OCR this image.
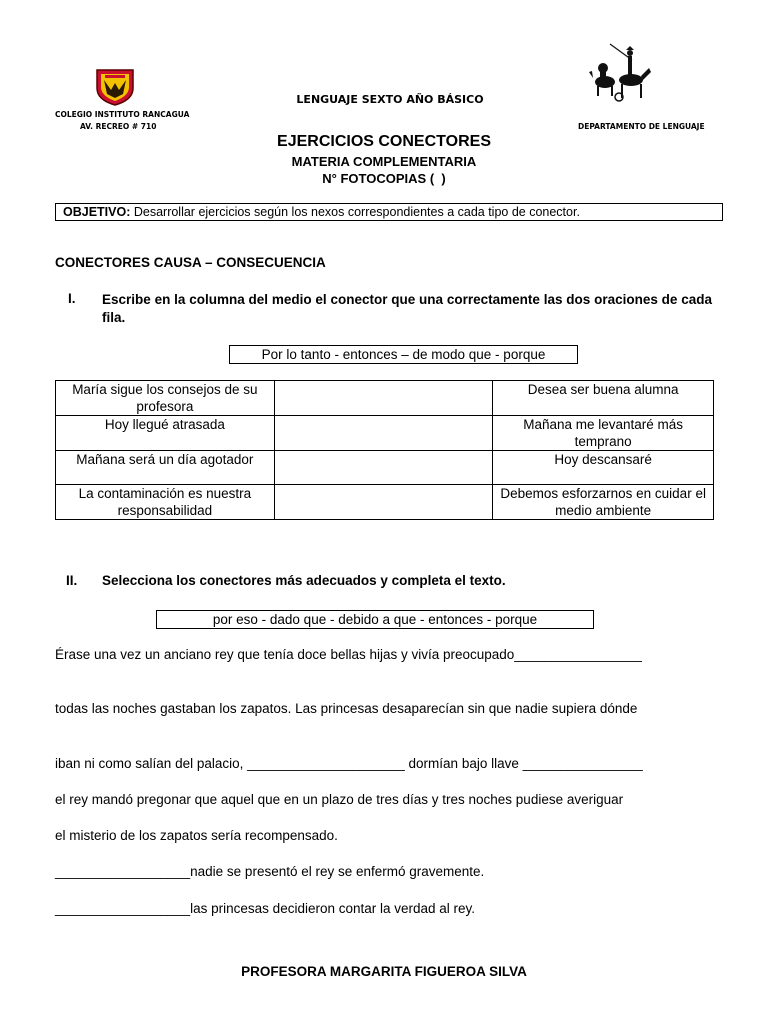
COLEGIO INSTITUTO RANCAGUA
AV. RECREO # 710
LENGUAJE SEXTO AÑO BÁSICO
DEPARTAMENTO DE LENGUAJE
EJERCICIOS CONECTORES
MATERIA COMPLEMENTARIA
N° FOTOCOPIAS (  )
OBJETIVO: Desarrollar ejercicios según los nexos correspondientes a cada tipo de conector.
CONECTORES CAUSA – CONSECUENCIA
I. Escribe en la columna del medio el conector que una correctamente las dos oraciones de cada fila.
Por lo tanto - entonces – de modo que - porque
María sigue los consejos de su profesora		Desea ser buena alumna
Hoy llegué atrasada		Mañana me levantaré más temprano
Mañana será un día agotador		Hoy descansaré
La contaminación es nuestra responsabilidad		Debemos esforzarnos en cuidar el medio ambiente
II. Selecciona los conectores más adecuados y completa el texto.
por eso - dado que - debido a que - entonces - porque
Érase una vez un anciano rey que tenía doce bellas hijas y vivía preocupado_________________
todas las noches gastaban los zapatos. Las princesas desaparecían sin que nadie supiera dónde
iban ni como salían del palacio, _____________________ dormían bajo llave ________________
el rey mandó pregonar que aquel que en un plazo de tres días y tres noches pudiese averiguar
el misterio de los zapatos sería recompensado.
__________________nadie se presentó el rey se enfermó gravemente.
__________________las princesas decidieron contar la verdad al rey.
PROFESORA MARGARITA FIGUEROA SILVA
